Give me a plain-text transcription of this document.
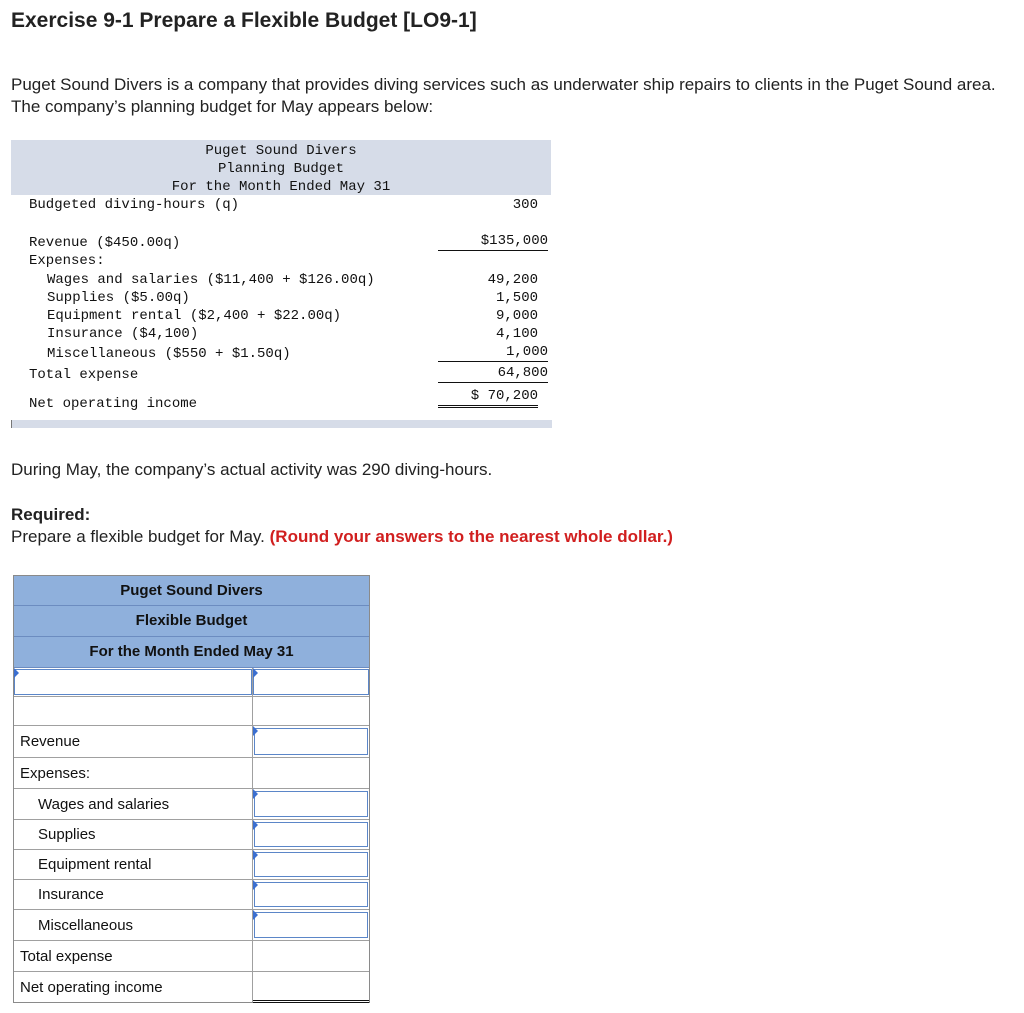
Exercise 9-1 Prepare a Flexible Budget [LO9-1]

Puget Sound Divers is a company that provides diving services such as underwater ship repairs to clients in the Puget Sound area. The company’s planning budget for May appears below:

Puget Sound Divers
Planning Budget
For the Month Ended May 31
Budgeted diving-hours (q)	300
Revenue ($450.00q)	$135,000
Expenses:
Wages and salaries ($11,400 + $126.00q)	49,200
Supplies ($5.00q)	1,500
Equipment rental ($2,400 + $22.00q)	9,000
Insurance ($4,100)	4,100
Miscellaneous ($550 + $1.50q)	1,000
Total expense	64,800
Net operating income	$ 70,200

During May, the company’s actual activity was 290 diving-hours.

Required:

Prepare a flexible budget for May. (Round your answers to the nearest whole dollar.)

Puget Sound Divers
Flexible Budget
For the Month Ended May 31
Revenue
Expenses:
Wages and salaries
Supplies
Equipment rental
Insurance
Miscellaneous
Total expense
Net operating income
